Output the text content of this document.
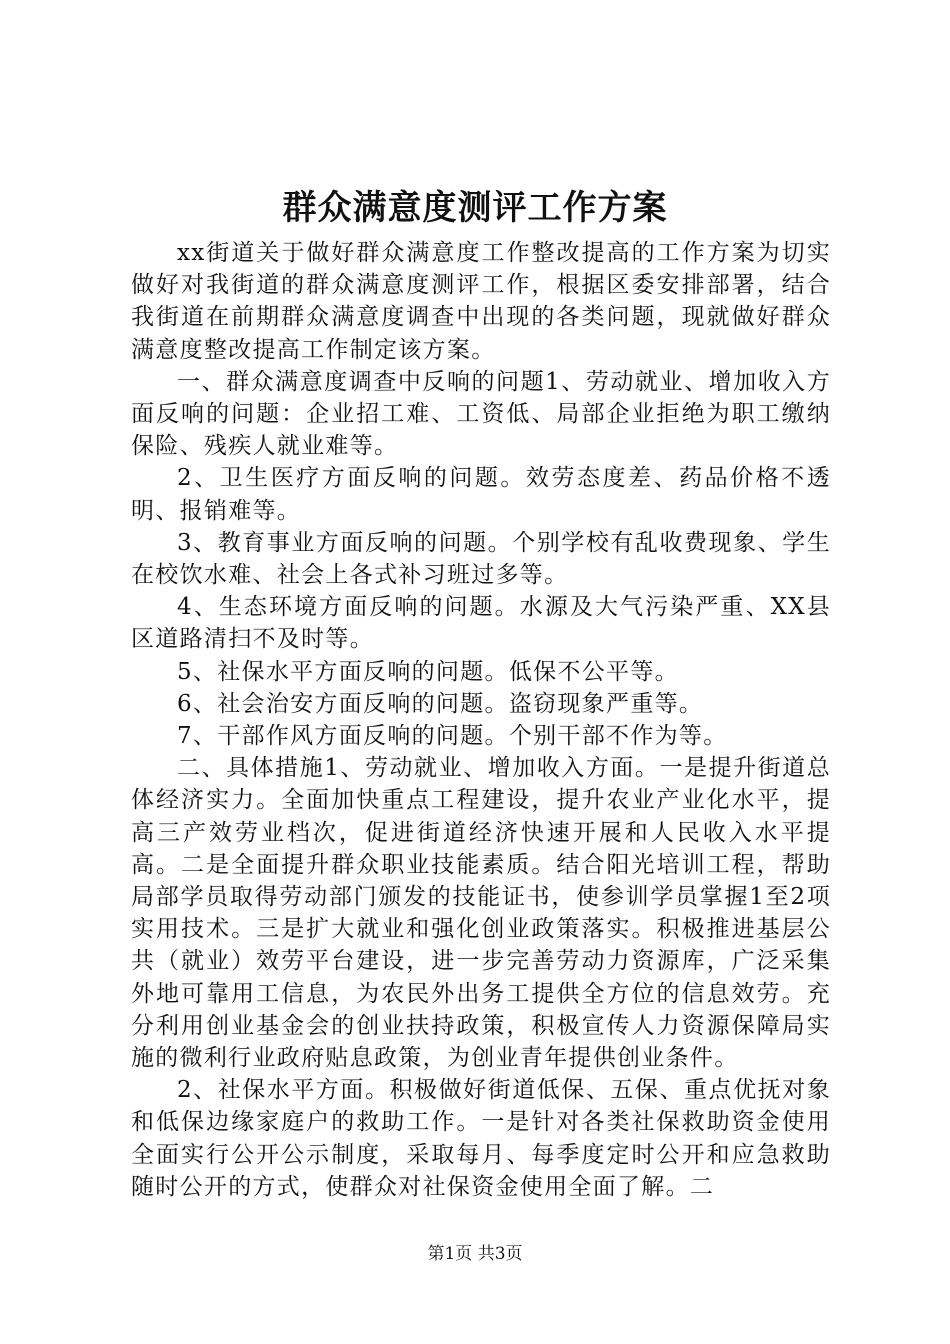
群众满意度测评工作方案

xx街道关于做好群众满意度工作整改提高的工作方案为切实做好对我街道的群众满意度测评工作，根据区委安排部署，结合我街道在前期群众满意度调查中出现的各类问题，现就做好群众满意度整改提高工作制定该方案。

一、群众满意度调查中反响的问题1、劳动就业、增加收入方面反响的问题：企业招工难、工资低、局部企业拒绝为职工缴纳保险、残疾人就业难等。

2、卫生医疗方面反响的问题。效劳态度差、药品价格不透明、报销难等。

3、教育事业方面反响的问题。个别学校有乱收费现象、学生在校饮水难、社会上各式补习班过多等。

4、生态环境方面反响的问题。水源及大气污染严重、XX县区道路清扫不及时等。

5、社保水平方面反响的问题。低保不公平等。

6、社会治安方面反响的问题。盗窃现象严重等。

7、干部作风方面反响的问题。个别干部不作为等。

二、具体措施1、劳动就业、增加收入方面。一是提升街道总体经济实力。全面加快重点工程建设，提升农业产业化水平，提高三产效劳业档次，促进街道经济快速开展和人民收入水平提高。二是全面提升群众职业技能素质。结合阳光培训工程，帮助局部学员取得劳动部门颁发的技能证书，使参训学员掌握1至2项实用技术。三是扩大就业和强化创业政策落实。积极推进基层公共（就业）效劳平台建设，进一步完善劳动力资源库，广泛采集外地可靠用工信息，为农民外出务工提供全方位的信息效劳。充分利用创业基金会的创业扶持政策，积极宣传人力资源保障局实施的微利行业政府贴息政策，为创业青年提供创业条件。

2、社保水平方面。积极做好街道低保、五保、重点优抚对象和低保边缘家庭户的救助工作。一是针对各类社保救助资金使用全面实行公开公示制度，采取每月、每季度定时公开和应急救助随时公开的方式，使群众对社保资金使用全面了解。二

第1页 共3页
